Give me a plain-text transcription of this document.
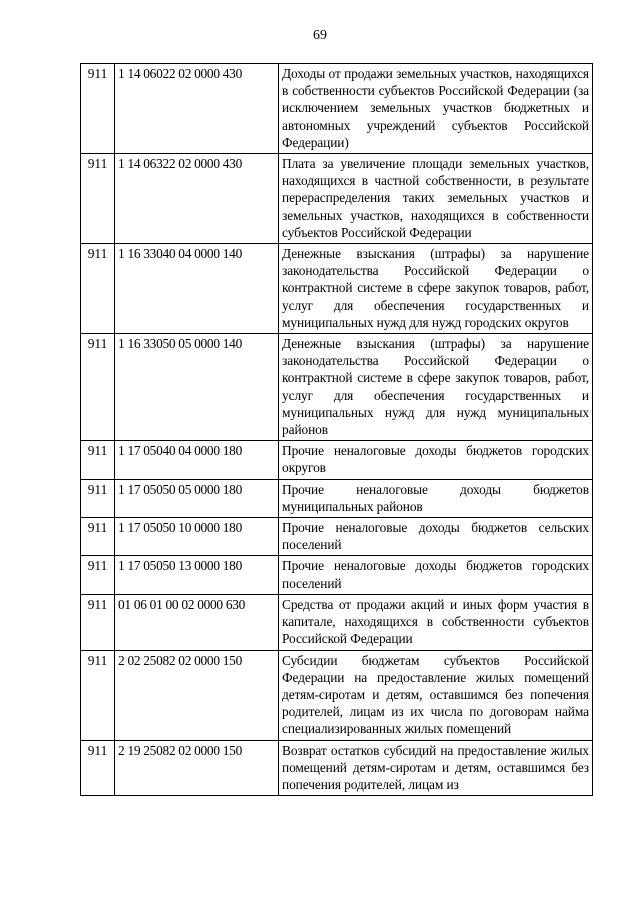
69
911	1 14 06022 02 0000 430	Доходы от продажи земельных участков, находящихся в собственности субъектов Российской Федерации (за исключением земельных участков бюджетных и автономных учреждений субъектов Российской Федерации)
911	1 14 06322 02 0000 430	Плата за увеличение площади земельных участков, находящихся в частной собственности, в результате перераспределения таких земельных участков и земельных участков, находящихся в собственности субъектов Российской Федерации
911	1 16 33040 04 0000 140	Денежные взыскания (штрафы) за нарушение законодательства Российской Федерации о контрактной системе в сфере закупок товаров, работ, услуг для обеспечения государственных и муниципальных нужд для нужд городских округов
911	1 16 33050 05 0000 140	Денежные взыскания (штрафы) за нарушение законодательства Российской Федерации о контрактной системе в сфере закупок товаров, работ, услуг для обеспечения государственных и муниципальных нужд для нужд муниципальных районов
911	1 17 05040 04 0000 180	Прочие неналоговые доходы бюджетов городских округов
911	1 17 05050 05 0000 180	Прочие неналоговые доходы бюджетов муниципальных районов
911	1 17 05050 10 0000 180	Прочие неналоговые доходы бюджетов сельских поселений
911	1 17 05050 13 0000 180	Прочие неналоговые доходы бюджетов городских поселений
911	01 06 01 00 02 0000 630	Средства от продажи акций и иных форм участия в капитале, находящихся в собственности субъектов Российской Федерации
911	2 02 25082 02 0000 150	Субсидии бюджетам субъектов Российской Федерации на предоставление жилых помещений детям-сиротам и детям, оставшимся без попечения родителей, лицам из их числа по договорам найма специализированных жилых помещений
911	2 19 25082 02 0000 150	Возврат остатков субсидий на предоставление жилых помещений детям-сиротам и детям, оставшимся без попечения родителей, лицам из
